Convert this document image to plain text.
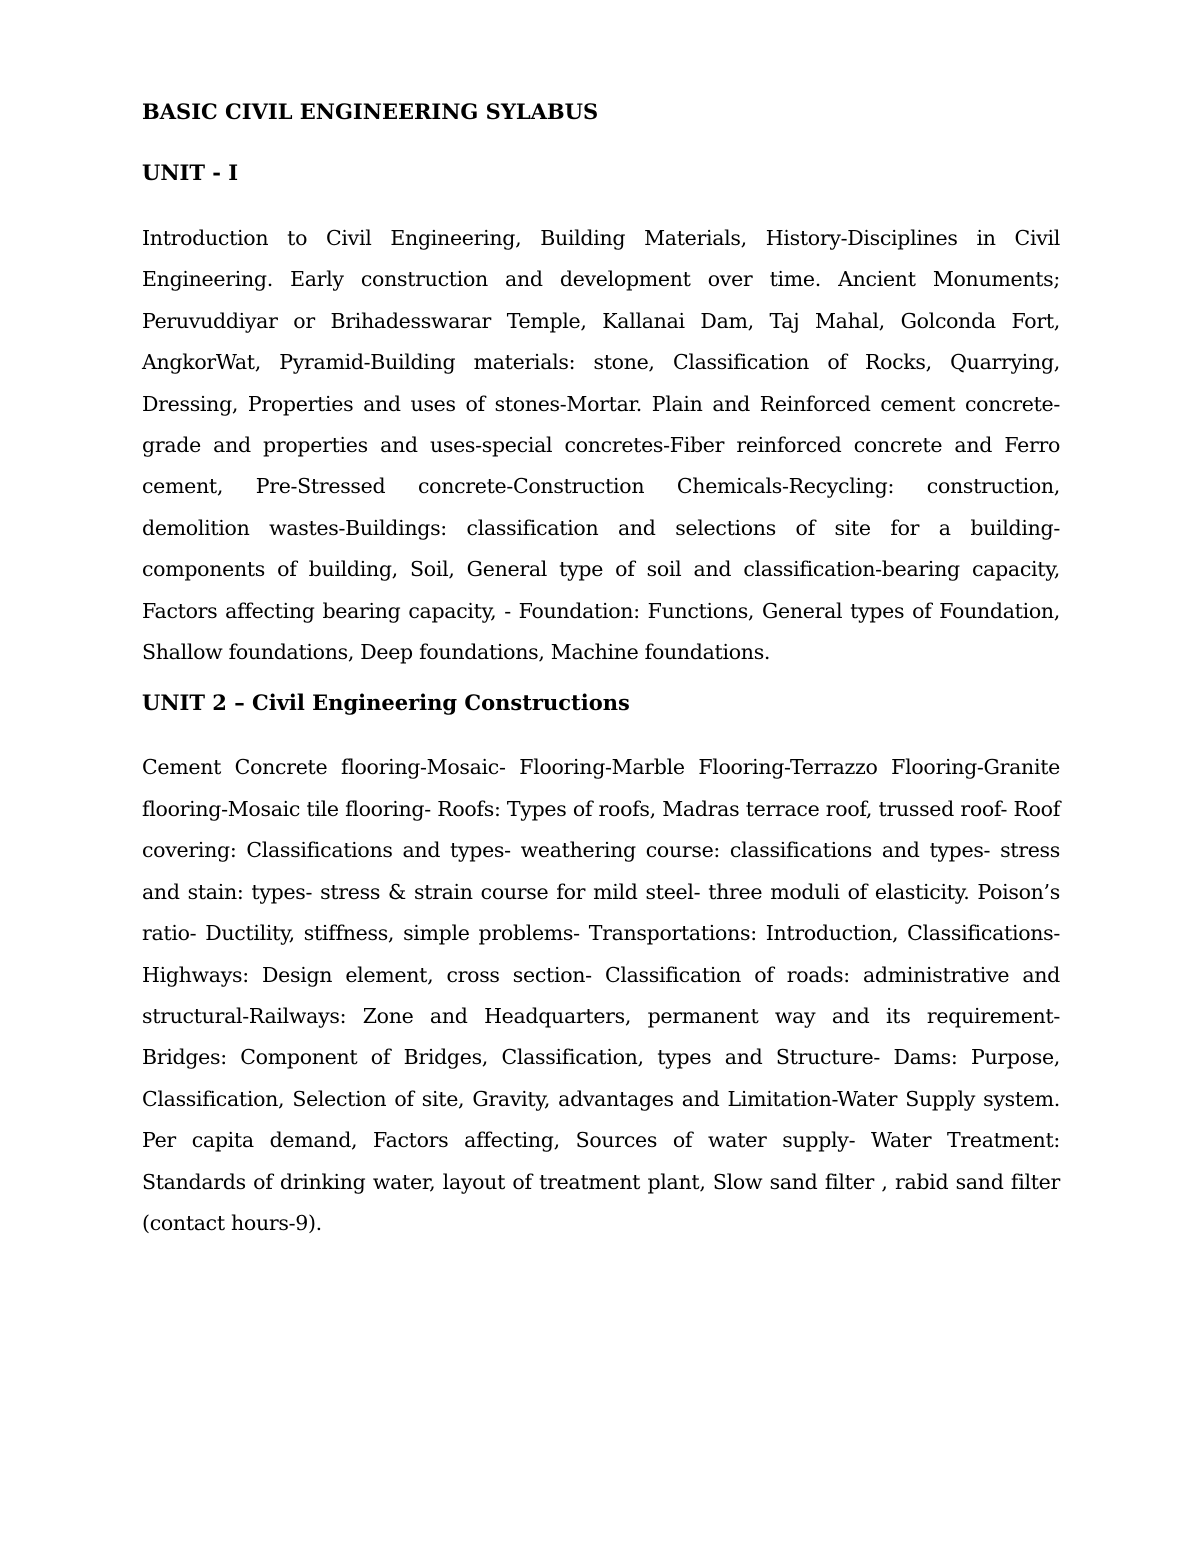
BASIC CIVIL ENGINEERING SYLABUS
UNIT - I

Introduction to Civil Engineering, Building Materials, History-Disciplines in Civil Engineering. Early construction and development over time. Ancient Monuments; Peruvuddiyar or Brihadesswarar Temple, Kallanai Dam, Taj Mahal, Golconda Fort, AngkorWat, Pyramid-Building materials: stone, Classification of Rocks, Quarrying, Dressing, Properties and uses of stones-Mortar. Plain and Reinforced cement concrete-grade and properties and uses-special concretes-Fiber reinforced concrete and Ferro cement, Pre-Stressed concrete-Construction Chemicals-Recycling: construction, demolition wastes-Buildings: classification and selections of site for a building-components of building, Soil, General type of soil and classification-bearing capacity, Factors affecting bearing capacity, - Foundation: Functions, General types of Foundation, Shallow foundations, Deep foundations, Machine foundations.

UNIT 2 – Civil Engineering Constructions

Cement Concrete flooring-Mosaic- Flooring-Marble Flooring-Terrazzo Flooring-Granite flooring-Mosaic tile flooring- Roofs: Types of roofs, Madras terrace roof, trussed roof- Roof covering: Classifications and types- weathering course: classifications and types- stress and stain: types- stress & strain course for mild steel- three moduli of elasticity. Poison’s ratio- Ductility, stiffness, simple problems- Transportations: Introduction, Classifications- Highways: Design element, cross section- Classification of roads: administrative and structural-Railways: Zone and Headquarters, permanent way and its requirement-Bridges: Component of Bridges, Classification, types and Structure- Dams: Purpose, Classification, Selection of site, Gravity, advantages and Limitation-Water Supply system. Per capita demand, Factors affecting, Sources of water supply- Water Treatment: Standards of drinking water, layout of treatment plant, Slow sand filter , rabid sand filter (contact hours-9).
